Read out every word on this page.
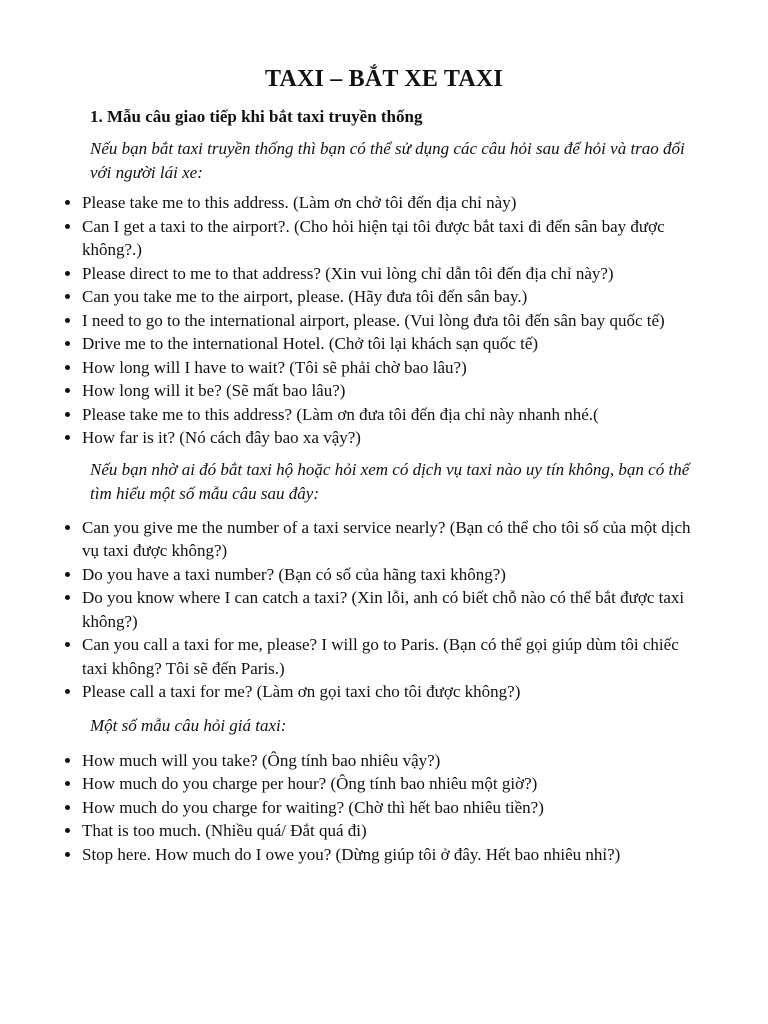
TAXI – BẮT XE TAXI
1. Mẫu câu giao tiếp khi bắt taxi truyền thống

Nếu bạn bắt taxi truyền thống thì bạn có thể sử dụng các câu hỏi sau để hỏi và trao đổi với người lái xe:

Please take me to this address. (Làm ơn chở tôi đến địa chỉ này)
Can I get a taxi to the airport?. (Cho hỏi hiện tại tôi được bắt taxi đi đến sân bay được không?.)
Please direct to me to that address? (Xin vui lòng chỉ dẫn tôi đến địa chỉ này?)
Can you take me to the airport, please. (Hãy đưa tôi đến sân bay.)
I need to go to the international airport, please. (Vui lòng đưa tôi đến sân bay quốc tế)
Drive me to the international Hotel. (Chở tôi lại khách sạn quốc tế)
How long will I have to wait? (Tôi sẽ phải chờ bao lâu?)
How long will it be? (Sẽ mất bao lâu?)
Please take me to this address? (Làm ơn đưa tôi đến địa chỉ này nhanh nhé.(
How far is it? (Nó cách đây bao xa vậy?)

Nếu bạn nhờ ai đó bắt taxi hộ hoặc hỏi xem có dịch vụ taxi nào uy tín không, bạn có thể tìm hiểu một số mẫu câu sau đây:

Can you give me the number of a taxi service nearly? (Bạn có thể cho tôi số của một dịch vụ taxi được không?)
Do you have a taxi number? (Bạn có số của hãng taxi không?)
Do you know where I can catch a taxi? (Xin lỗi, anh có biết chỗ nào có thể bắt được taxi không?)
Can you call a taxi for me, please? I will go to Paris. (Bạn có thể gọi giúp dùm tôi chiếc taxi không? Tôi sẽ đến Paris.)
Please call a taxi for me? (Làm ơn gọi taxi cho tôi được không?)

Một số mẫu câu hỏi giá taxi:

How much will you take? (Ông tính bao nhiêu vậy?)
How much do you charge per hour? (Ông tính bao nhiêu một giờ?)
How much do you charge for waiting? (Chờ thì hết bao nhiêu tiền?)
That is too much. (Nhiều quá/ Đắt quá đi)
Stop here. How much do I owe you? (Dừng giúp tôi ở đây. Hết bao nhiêu nhỉ?)
